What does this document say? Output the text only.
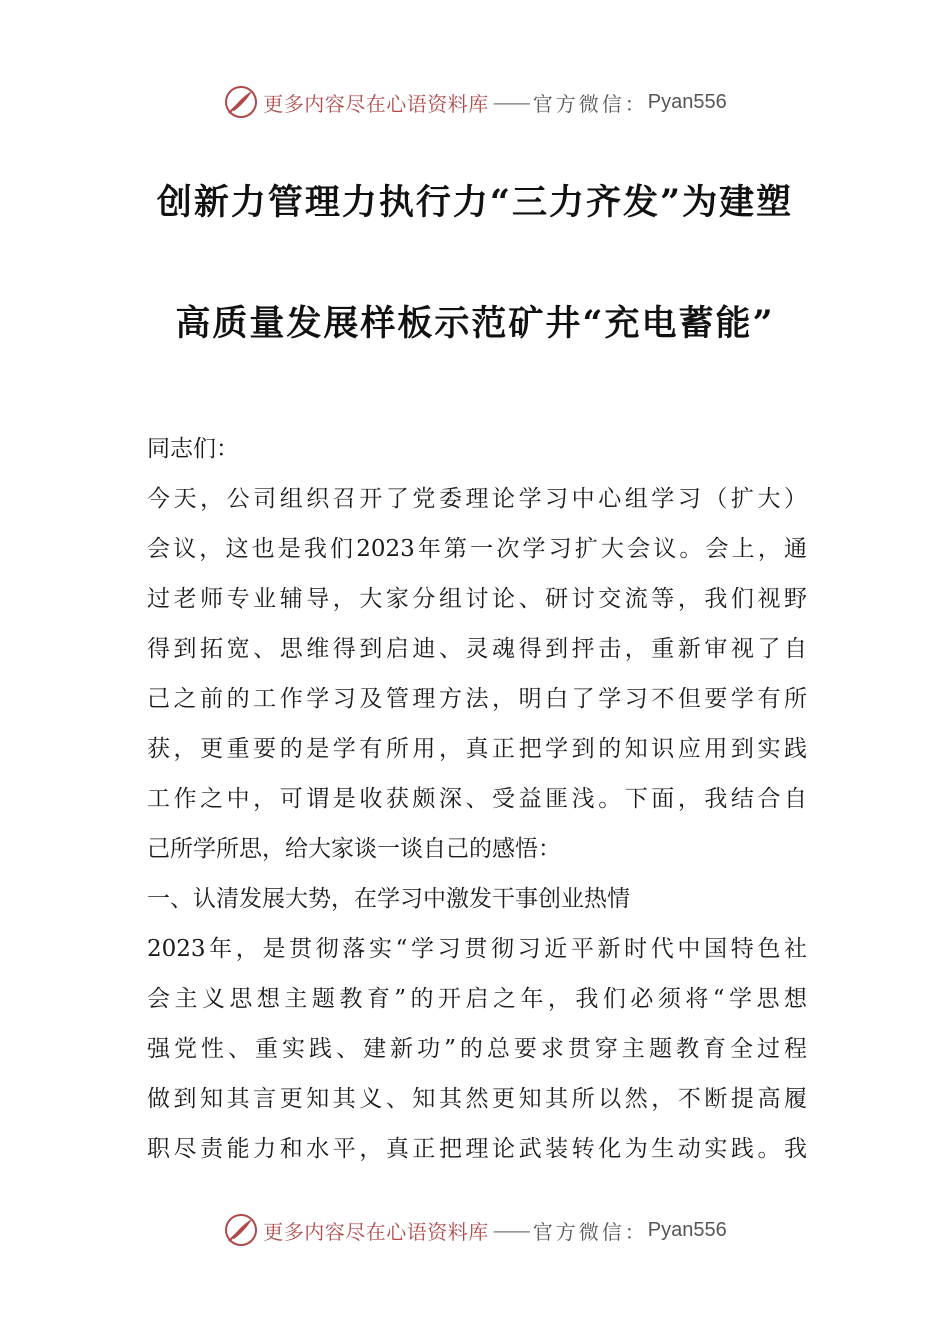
更多内容尽在心语资料库 —— 官方微信： Pyan556
创新力管理力执行力“三力齐发”为建塑
高质量发展样板示范矿井“充电蓄能”
同志们：
今天，公司组织召开了党委理论学习中心组学习（扩大）
会议，这也是我们2023年第一次学习扩大会议。会上，通
过老师专业辅导，大家分组讨论、研讨交流等，我们视野
得到拓宽、思维得到启迪、灵魂得到抨击，重新审视了自
己之前的工作学习及管理方法，明白了学习不但要学有所
获，更重要的是学有所用，真正把学到的知识应用到实践
工作之中，可谓是收获颇深、受益匪浅。下面，我结合自
己所学所思，给大家谈一谈自己的感悟：
一、认清发展大势，在学习中激发干事创业热情
2023年，是贯彻落实“学习贯彻习近平新时代中国特色社
会主义思想主题教育”的开启之年，我们必须将“学思想
强党性、重实践、建新功”的总要求贯穿主题教育全过程
做到知其言更知其义、知其然更知其所以然，不断提高履
职尽责能力和水平，真正把理论武装转化为生动实践。我
更多内容尽在心语资料库 —— 官方微信： Pyan556
